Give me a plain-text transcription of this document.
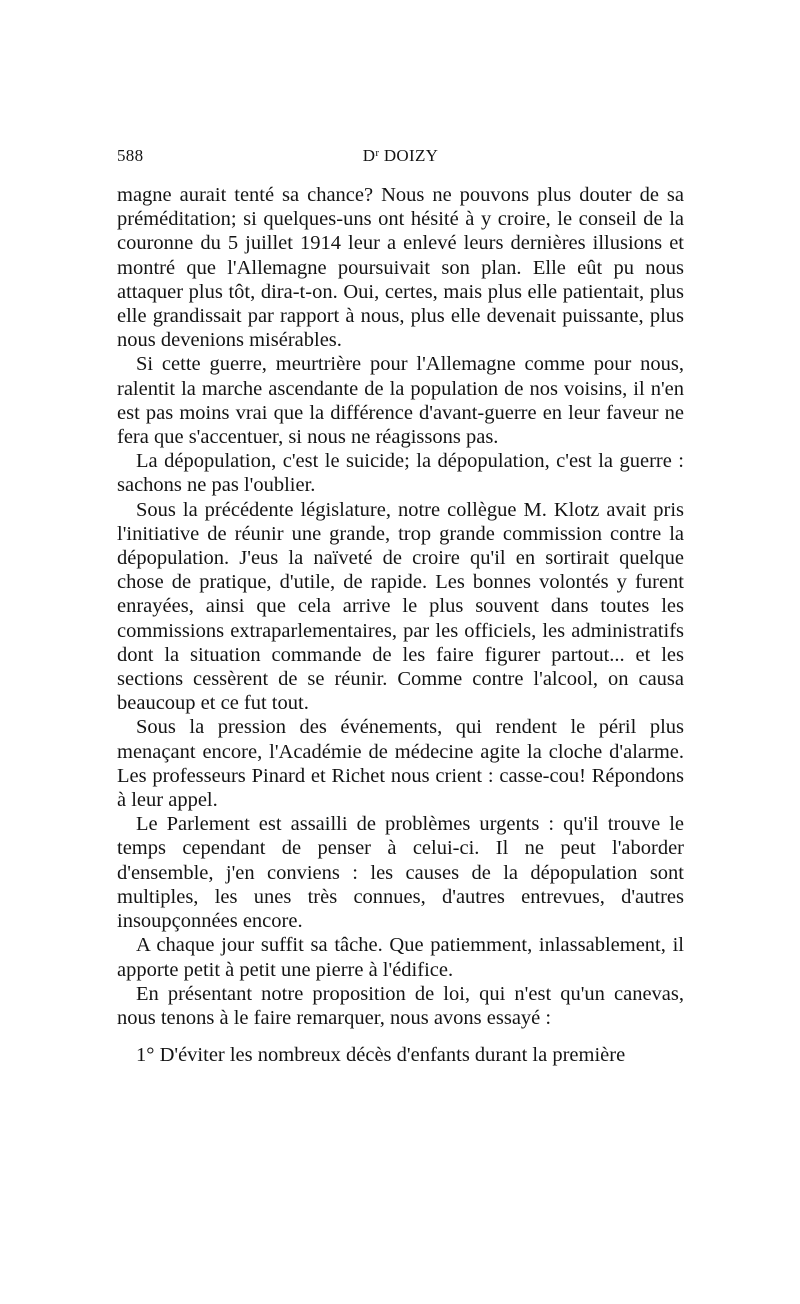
588	$D^r$ DOIZY

magne aurait tenté sa chance? Nous ne pouvons plus douter de sa préméditation; si quelques-uns ont hésité à y croire, le conseil de la couronne du 5 juillet 1914 leur a enlevé leurs dernières illusions et montré que l'Allemagne poursuivait son plan. Elle eût pu nous attaquer plus tôt, dira-t-on. Oui, certes, mais plus elle patientait, plus elle grandissait par rapport à nous, plus elle devenait puissante, plus nous devenions misérables.

Si cette guerre, meurtrière pour l'Allemagne comme pour nous, ralentit la marche ascendante de la population de nos voisins, il n'en est pas moins vrai que la différence d'avant-guerre en leur faveur ne fera que s'accentuer, si nous ne réagissons pas.

La dépopulation, c'est le suicide; la dépopulation, c'est la guerre : sachons ne pas l'oublier.

Sous la précédente législature, notre collègue M. Klotz avait pris l'initiative de réunir une grande, trop grande commission contre la dépopulation. J'eus la naïveté de croire qu'il en sortirait quelque chose de pratique, d'utile, de rapide. Les bonnes volontés y furent enrayées, ainsi que cela arrive le plus souvent dans toutes les commissions extraparlementaires, par les officiels, les administratifs dont la situation commande de les faire figurer partout... et les sections cessèrent de se réunir. Comme contre l'alcool, on causa beaucoup et ce fut tout.

Sous la pression des événements, qui rendent le péril plus menaçant encore, l'Académie de médecine agite la cloche d'alarme. Les professeurs Pinard et Richet nous crient : casse-cou! Répondons à leur appel.

Le Parlement est assailli de problèmes urgents : qu'il trouve le temps cependant de penser à celui-ci. Il ne peut l'aborder d'ensemble, j'en conviens : les causes de la dépopulation sont multiples, les unes très connues, d'autres entrevues, d'autres insoupçonnées encore.

A chaque jour suffit sa tâche. Que patiemment, inlassablement, il apporte petit à petit une pierre à l'édifice.

En présentant notre proposition de loi, qui n'est qu'un canevas, nous tenons à le faire remarquer, nous avons essayé :

1° D'éviter les nombreux décès d'enfants durant la première
